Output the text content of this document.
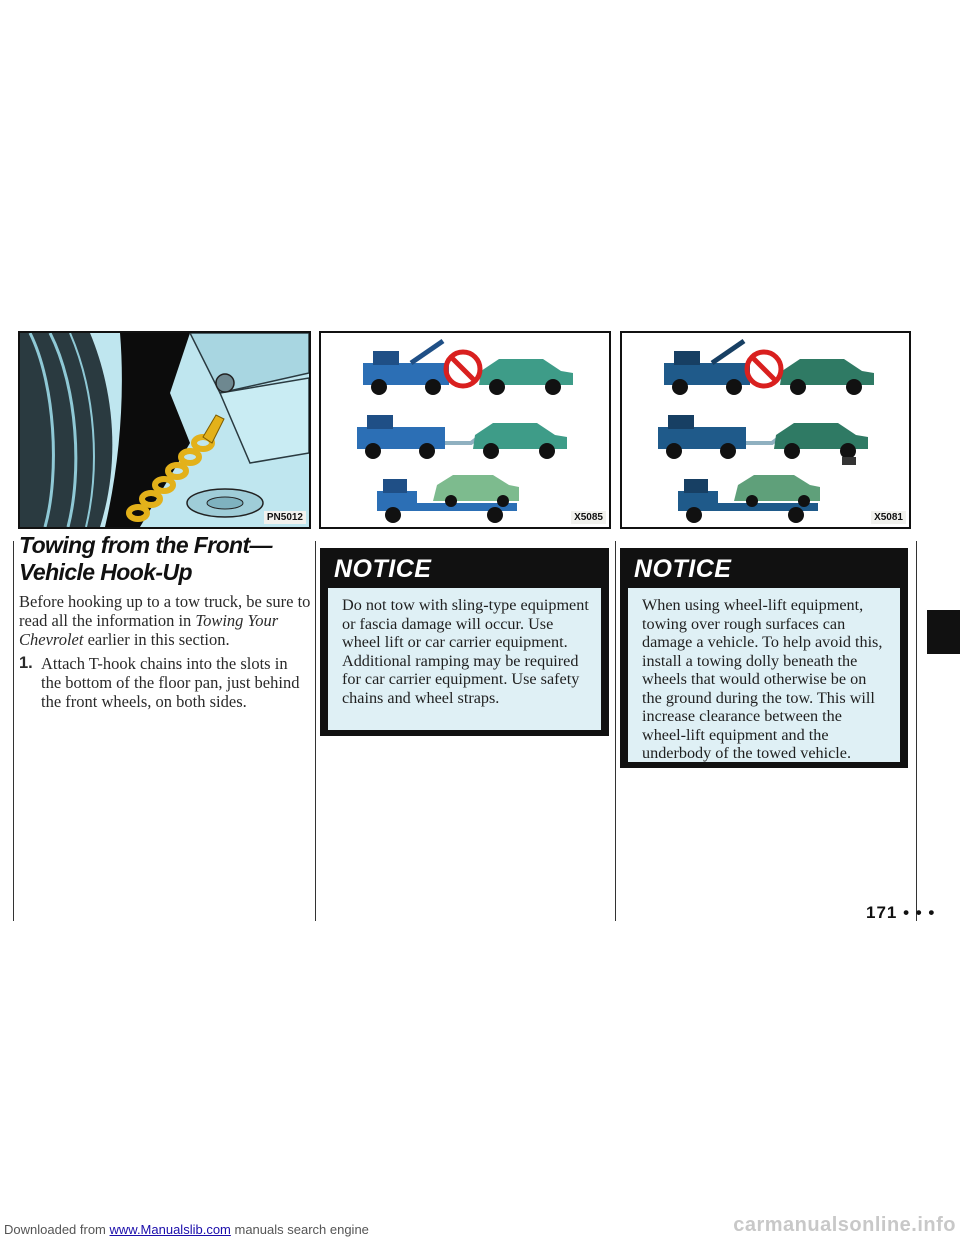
PN5012	X5085	X5081
Towing from the Front—
Vehicle Hook-Up

Before hooking up to a tow truck, be sure to read all the information in Towing Your Chevrolet earlier in this section.

1. Attach T-hook chains into the slots in the bottom of the floor pan, just behind the front wheels, on both sides.
NOTICE
Do not tow with sling-type equipment or fascia damage will occur. Use wheel lift or car carrier equipment. Additional ramping may be required for car carrier equipment. Use safety chains and wheel straps.
NOTICE
When using wheel-lift equipment, towing over rough surfaces can damage a vehicle. To help avoid this, install a towing dolly beneath the wheels that would otherwise be on the ground during the tow. This will increase clearance between the wheel-lift equipment and the underbody of the towed vehicle.
171 • • •
Downloaded from www.Manualslib.com manuals search engine	carmanualsonline.info
